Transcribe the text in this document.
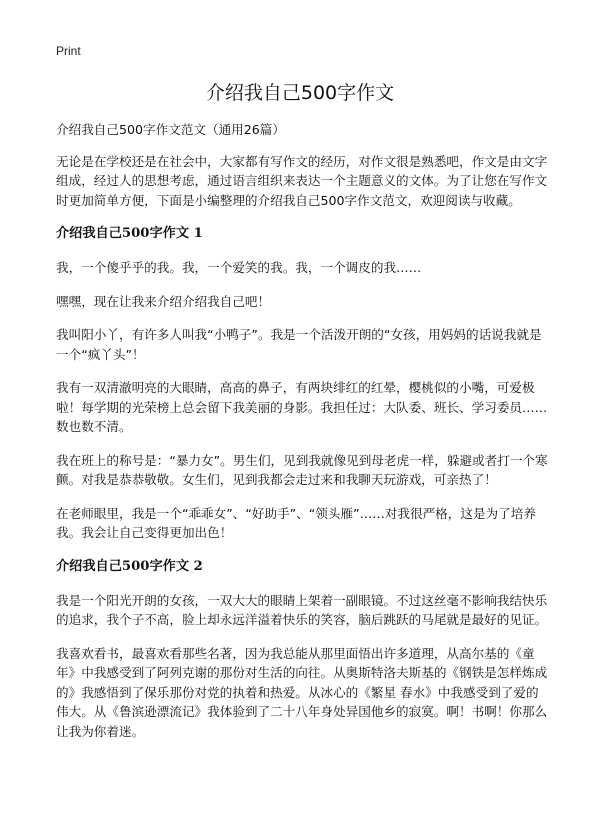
Print
介绍我自己500字作文

介绍我自己500字作文范文（通用26篇）

无论是在学校还是在社会中，大家都有写作文的经历，对作文很是熟悉吧，作文是由文字组成，经过人的思想考虑，通过语言组织来表达一个主题意义的文体。为了让您在写作文时更加简单方便，下面是小编整理的介绍我自己500字作文范文，欢迎阅读与收藏。

介绍我自己500字作文 1

我，一个傻乎乎的我。我，一个爱笑的我。我，一个调皮的我……

嘿嘿，现在让我来介绍介绍我自己吧！

我叫阳小丫，有许多人叫我“小鸭子”。我是一个活泼开朗的“女孩，用妈妈的话说我就是一个“疯丫头”！

我有一双清澈明亮的大眼睛，高高的鼻子，有两块绯红的红晕，樱桃似的小嘴，可爱极啦！每学期的光荣榜上总会留下我美丽的身影。我担任过：大队委、班长、学习委员……数也数不清。

我在班上的称号是：“暴力女”。男生们，见到我就像见到母老虎一样，躲避或者打一个寒颤。对我是恭恭敬敬。女生们，见到我都会走过来和我聊天玩游戏，可亲热了！

在老师眼里，我是一个“乖乖女”、“好助手”、“领头雁”……对我很严格，这是为了培养我。我会让自己变得更加出色！

介绍我自己500字作文 2

我是一个阳光开朗的女孩，一双大大的眼睛上架着一副眼镜。不过这丝毫不影响我结快乐的追求，我个子不高，脸上却永远洋溢着快乐的笑容，脑后跳跃的马尾就是最好的见证。

我喜欢看书，最喜欢看那些名著，因为我总能从那里面悟出许多道理，从高尔基的《童年》中我感受到了阿列克谢的那份对生活的向往。从奥斯特洛夫斯基的《钢铁是怎样炼成的》我感悟到了保乐那份对党的执着和热爱。从冰心的《繁星 春水》中我感受到了爱的伟大。从《鲁滨逊漂流记》我体验到了二十八年身处异国他乡的寂寞。啊！书啊！你那么让我为你着迷。
